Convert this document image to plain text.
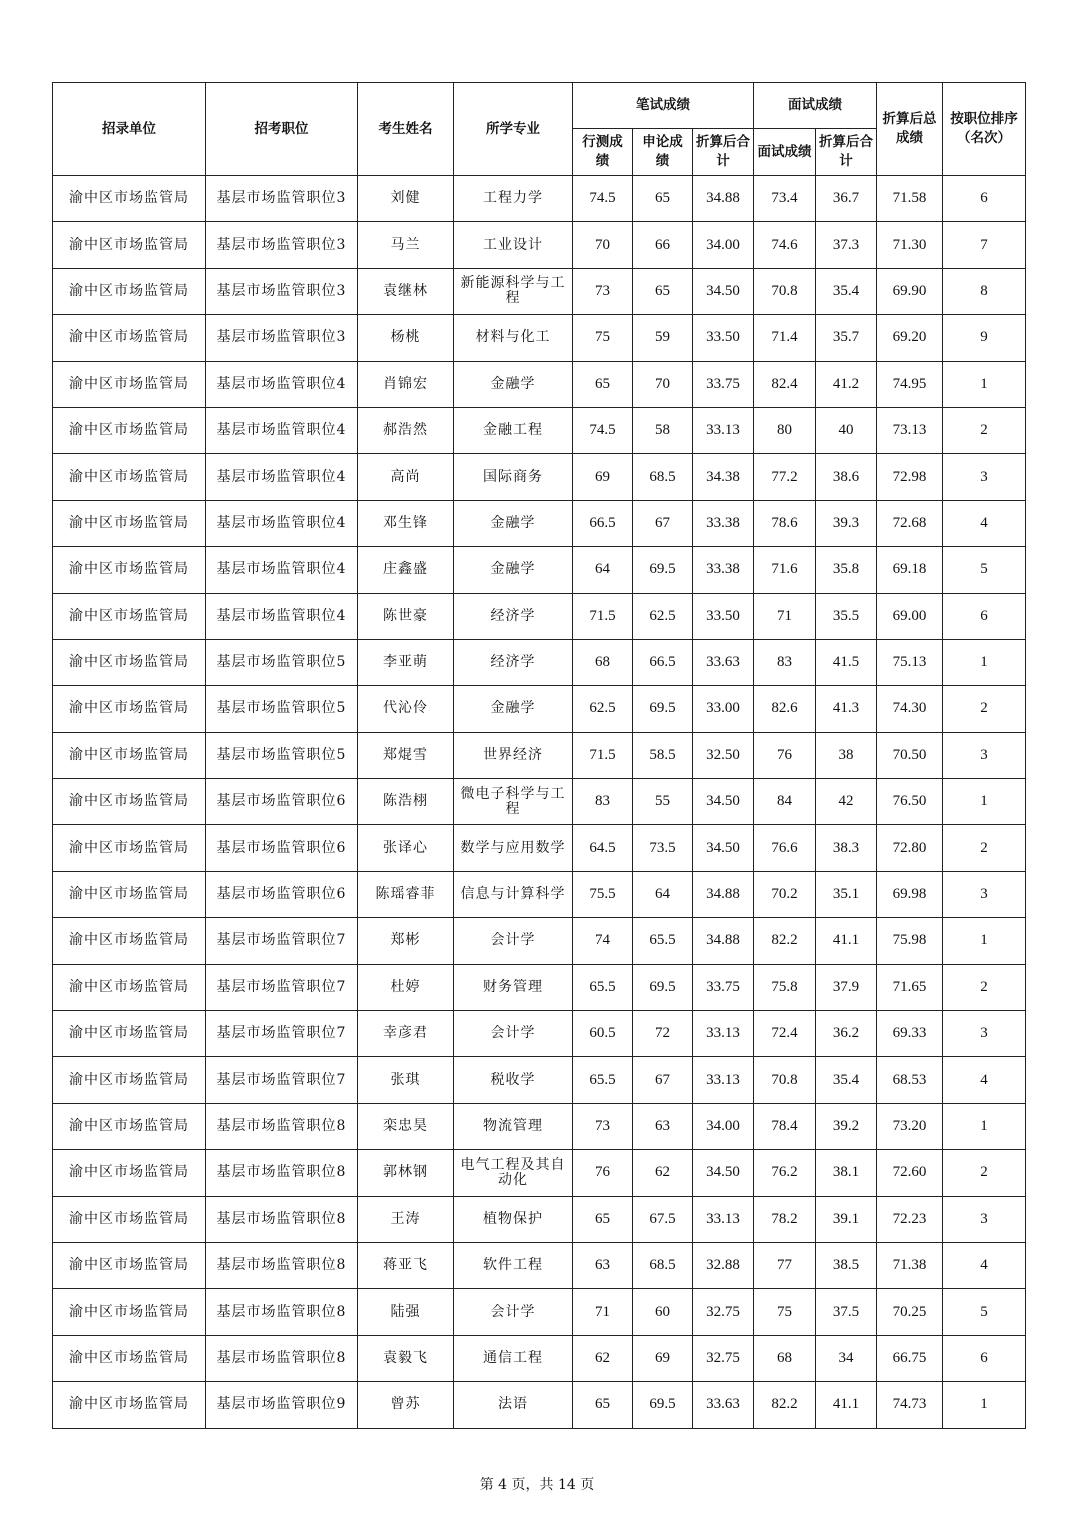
招录单位	招考职位	考生姓名	所学专业	笔试成绩			面试成绩		折算后总成绩	按职位排序（名次）
				行测成绩	申论成绩	折算后合计	面试成绩	折算后合计		
渝中区市场监管局	基层市场监管职位3	刘健	工程力学	74.5	65	34.88	73.4	36.7	71.58	6
渝中区市场监管局	基层市场监管职位3	马兰	工业设计	70	66	34.00	74.6	37.3	71.30	7
渝中区市场监管局	基层市场监管职位3	袁继林	新能源科学与工程	73	65	34.50	70.8	35.4	69.90	8
渝中区市场监管局	基层市场监管职位3	杨桃	材料与化工	75	59	33.50	71.4	35.7	69.20	9
渝中区市场监管局	基层市场监管职位4	肖锦宏	金融学	65	70	33.75	82.4	41.2	74.95	1
渝中区市场监管局	基层市场监管职位4	郝浩然	金融工程	74.5	58	33.13	80	40	73.13	2
渝中区市场监管局	基层市场监管职位4	高尚	国际商务	69	68.5	34.38	77.2	38.6	72.98	3
渝中区市场监管局	基层市场监管职位4	邓生锋	金融学	66.5	67	33.38	78.6	39.3	72.68	4
渝中区市场监管局	基层市场监管职位4	庄鑫盛	金融学	64	69.5	33.38	71.6	35.8	69.18	5
渝中区市场监管局	基层市场监管职位4	陈世豪	经济学	71.5	62.5	33.50	71	35.5	69.00	6
渝中区市场监管局	基层市场监管职位5	李亚萌	经济学	68	66.5	33.63	83	41.5	75.13	1
渝中区市场监管局	基层市场监管职位5	代沁伶	金融学	62.5	69.5	33.00	82.6	41.3	74.30	2
渝中区市场监管局	基层市场监管职位5	郑焜雪	世界经济	71.5	58.5	32.50	76	38	70.50	3
渝中区市场监管局	基层市场监管职位6	陈浩栩	微电子科学与工程	83	55	34.50	84	42	76.50	1
渝中区市场监管局	基层市场监管职位6	张译心	数学与应用数学	64.5	73.5	34.50	76.6	38.3	72.80	2
渝中区市场监管局	基层市场监管职位6	陈瑶睿菲	信息与计算科学	75.5	64	34.88	70.2	35.1	69.98	3
渝中区市场监管局	基层市场监管职位7	郑彬	会计学	74	65.5	34.88	82.2	41.1	75.98	1
渝中区市场监管局	基层市场监管职位7	杜婷	财务管理	65.5	69.5	33.75	75.8	37.9	71.65	2
渝中区市场监管局	基层市场监管职位7	幸彦君	会计学	60.5	72	33.13	72.4	36.2	69.33	3
渝中区市场监管局	基层市场监管职位7	张琪	税收学	65.5	67	33.13	70.8	35.4	68.53	4
渝中区市场监管局	基层市场监管职位8	栾忠昊	物流管理	73	63	34.00	78.4	39.2	73.20	1
渝中区市场监管局	基层市场监管职位8	郭林钢	电气工程及其自动化	76	62	34.50	76.2	38.1	72.60	2
渝中区市场监管局	基层市场监管职位8	王涛	植物保护	65	67.5	33.13	78.2	39.1	72.23	3
渝中区市场监管局	基层市场监管职位8	蒋亚飞	软件工程	63	68.5	32.88	77	38.5	71.38	4
渝中区市场监管局	基层市场监管职位8	陆强	会计学	71	60	32.75	75	37.5	70.25	5
渝中区市场监管局	基层市场监管职位8	袁毅飞	通信工程	62	69	32.75	68	34	66.75	6
渝中区市场监管局	基层市场监管职位9	曾苏	法语	65	69.5	33.63	82.2	41.1	74.73	1
第 4 页，共 14 页
